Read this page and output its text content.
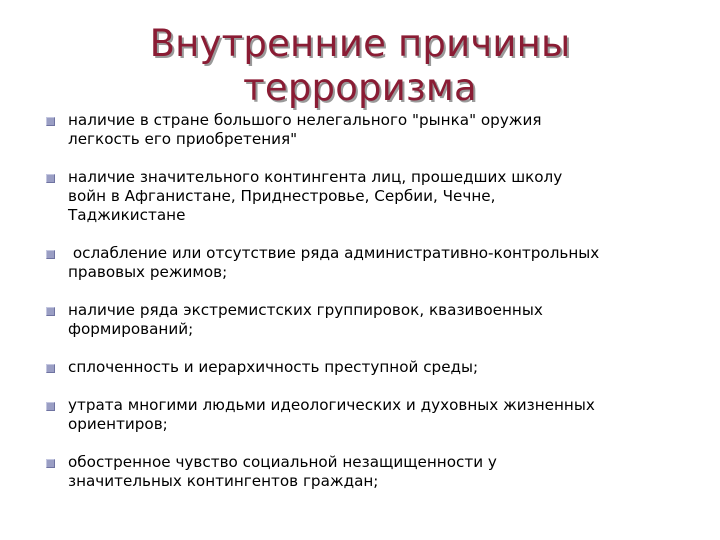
Внутренние причины
терроризма
наличие в стране большого нелегального "рынка" оружия
легкость его приобретения"
наличие значительного контингента лиц, прошедших школу
войн в Афганистане, Приднестровье, Сербии, Чечне,
Таджикистане
ослабление или отсутствие ряда административно-контрольных
правовых режимов;
наличие ряда экстремистских группировок, квазивоенных
формирований;
сплоченность и иерархичность преступной среды;
утрата многими людьми идеологических и духовных жизненных
ориентиров;
обостренное чувство социальной незащищенности у
значительных контингентов граждан;
